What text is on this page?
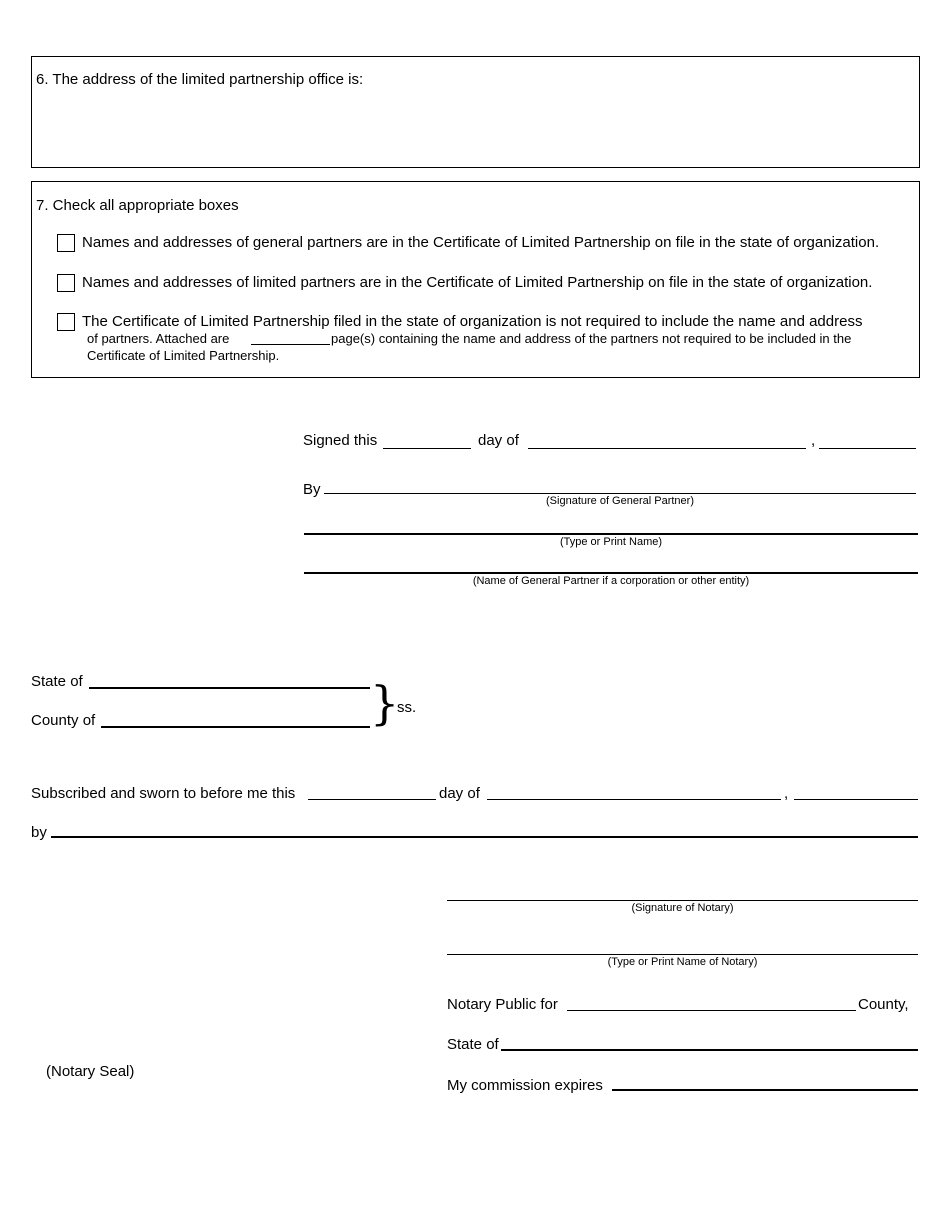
6. The address of the limited partnership office is:
7. Check all appropriate boxes
Names and addresses of general partners are in the Certificate of Limited Partnership on file in the state of organization.
Names and addresses of limited partners are in the Certificate of Limited Partnership on file in the state of organization.
The Certificate of Limited Partnership filed in the state of organization is not required to include the name and address
of partners. Attached are	page(s) containing the name and address of the partners not required to be included in the
Certificate of Limited Partnership.
Signed this	day of	,
By
(Signature of General Partner)
(Type or Print Name)
(Name of General Partner if a corporation or other entity)
State of
County of	}
ss.
Subscribed and sworn to before me this	day of	,
by
(Signature of Notary)
(Type or Print Name of Notary)
Notary Public for	County,
State of
(Notary Seal)
My commission expires
